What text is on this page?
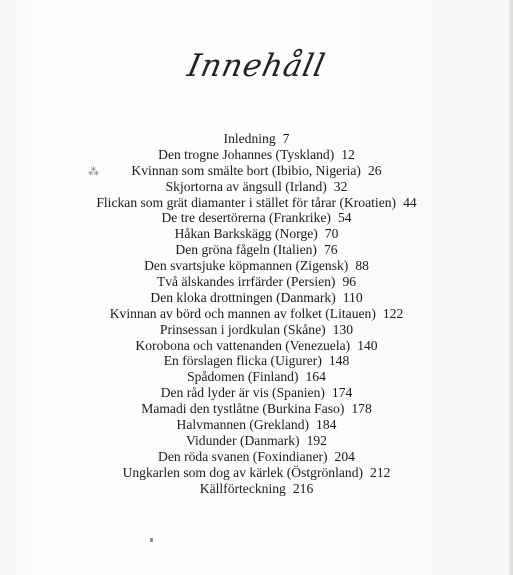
Innehåll
Inledning 7
Den trogne Johannes (Tyskland) 12
Kvinnan som smälte bort (Ibibio, Nigeria) 26
Skjortorna av ängsull (Irland) 32
Flickan som grät diamanter i stället för tårar (Kroatien) 44
De tre desertörerna (Frankrike) 54
Håkan Barkskägg (Norge) 70
Den gröna fågeln (Italien) 76
Den svartsjuke köpmannen (Zigensk) 88
Två älskandes irrfärder (Persien) 96
Den kloka drottningen (Danmark) 110
Kvinnan av börd och mannen av folket (Litauen) 122
Prinsessan i jordkulan (Skåne) 130
Korobona och vattenanden (Venezuela) 140
En förslagen flicka (Uigurer) 148
Spådomen (Finland) 164
Den råd lyder är vis (Spanien) 174
Mamadi den tystlåtne (Burkina Faso) 178
Halvmannen (Grekland) 184
Vidunder (Danmark) 192
Den röda svanen (Foxindianer) 204
Ungkarlen som dog av kärlek (Östgrönland) 212
Källförteckning 216
⁂
